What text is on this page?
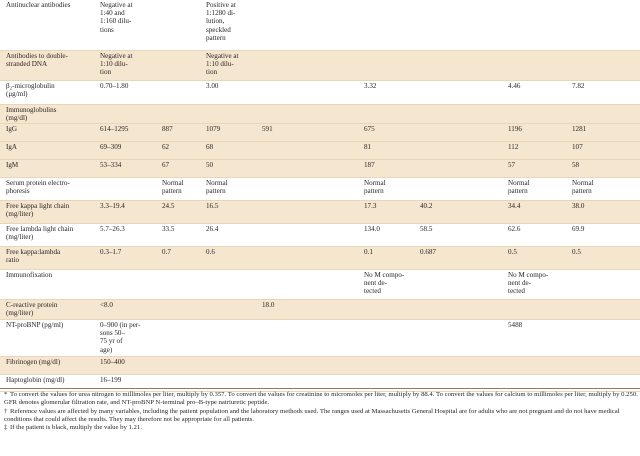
Antinuclear antibodies	Negative at
1:40 and
1:160 dilu-
tions		Positive at
1:1280 di-
lution,
speckled
pattern							
Antibodies to double-
stranded DNA	Negative at
1:10 dilu-
tion		Negative at
1:10 dilu-
tion							
β₂-microglobulin
(μg/ml)	0.70–1.80		3.00			3.32			4.46	7.82
Immunoglobulins
(mg/dl)										
IgG	614–1295	887	1079	591		675			1196	1281
IgA	69–309	62	68			81			112	107
IgM	53–334	67	50			187			57	58
Serum protein electro-
phoresis		Normal
pattern	Normal
pattern			Normal
pattern			Normal
pattern	Normal
pattern
Free kappa light chain
(mg/liter)	3.3–19.4	24.5	16.5			17.3	40.2		34.4	38.0
Free lambda light chain
(mg/liter)	5.7–26.3	33.5	26.4			134.0	58.5		62.6	69.9
Free kappa:lambda
ratio	0.3–1.7	0.7	0.6			0.1	0.687		0.5	0.5
Immunofixation						No M compo-
nent de-
tected			No M compo-
nent de-
tected	
C-reactive protein
(mg/liter)	<8.0			18.0						
NT-proBNP (pg/ml)	0–900 (in per-
sons 50–
75 yr of
age)								5488	
Fibrinogen (mg/dl)	150–400									
Haptoglobin (mg/dl)	16–199									

* To convert the values for urea nitrogen to millimoles per liter, multiply by 0.357. To convert the values for creatinine to micromoles per liter, multiply by 88.4. To convert the values for calcium to millimoles per liter, multiply by 0.250. GFR denotes glomerular filtration rate, and NT-proBNP N-terminal pro–B-type natriuretic peptide.

† Reference values are affected by many variables, including the patient population and the laboratory methods used. The ranges used at Massachusetts General Hospital are for adults who are not pregnant and do not have medical conditions that could affect the results. They may therefore not be appropriate for all patients.

‡ If the patient is black, multiply the value by 1.21.
